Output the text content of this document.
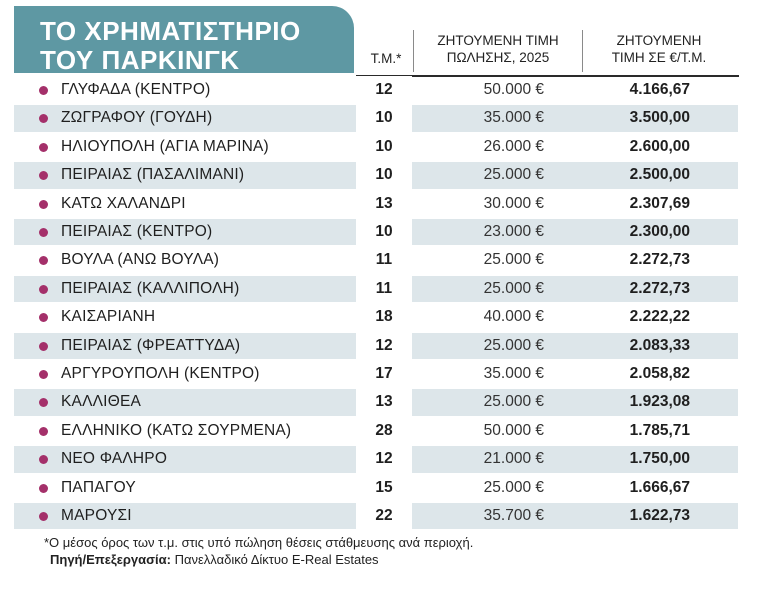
ΤΟ ΧΡΗΜΑΤΙΣΤΗΡΙΟ
ΤΟΥ ΠΑΡΚΙΝΓΚ	Τ.Μ.*
ΖΗΤΟΥΜΕΝΗ ΤΙΜΗ
ΠΩΛΗΣΗΣ, 2025
ΖΗΤΟΥΜΕΝΗ
ΤΙΜΗ ΣΕ €/Τ.Μ.
ΓΛΥΦΑΔΑ (ΚΕΝΤΡΟ)	12	50.000 €	4.166,67
ΖΩΓΡΑΦΟΥ (ΓΟΥΔΗ)	10	35.000 €	3.500,00
ΗΛΙΟΥΠΟΛΗ (ΑΓΙΑ ΜΑΡΙΝΑ)	10	26.000 €	2.600,00
ΠΕΙΡΑΙΑΣ (ΠΑΣΑΛΙΜΑΝΙ)	10	25.000 €	2.500,00
ΚΑΤΩ ΧΑΛΑΝΔΡΙ	13	30.000 €	2.307,69
ΠΕΙΡΑΙΑΣ (ΚΕΝΤΡΟ)	10	23.000 €	2.300,00
ΒΟΥΛΑ (ΑΝΩ ΒΟΥΛΑ)	11	25.000 €	2.272,73
ΠΕΙΡΑΙΑΣ (ΚΑΛΛΙΠΟΛΗ)	11	25.000 €	2.272,73
ΚΑΙΣΑΡΙΑΝΗ	18	40.000 €	2.222,22
ΠΕΙΡΑΙΑΣ (ΦΡΕΑΤΤΥΔΑ)	12	25.000 €	2.083,33
ΑΡΓΥΡΟΥΠΟΛΗ (ΚΕΝΤΡΟ)	17	35.000 €	2.058,82
ΚΑΛΛΙΘΕΑ	13	25.000 €	1.923,08
ΕΛΛΗΝΙΚΟ (ΚΑΤΩ ΣΟΥΡΜΕΝΑ)	28	50.000 €	1.785,71
ΝΕΟ ΦΑΛΗΡΟ	12	21.000 €	1.750,00
ΠΑΠΑΓΟΥ	15	25.000 €	1.666,67
ΜΑΡΟΥΣΙ	22	35.700 €	1.622,73
*Ο μέσος όρος των τ.μ. στις υπό πώληση θέσεις στάθμευσης ανά περιοχή.
Πηγή/Επεξεργασία: Πανελλαδικό Δίκτυο E-Real Estates
